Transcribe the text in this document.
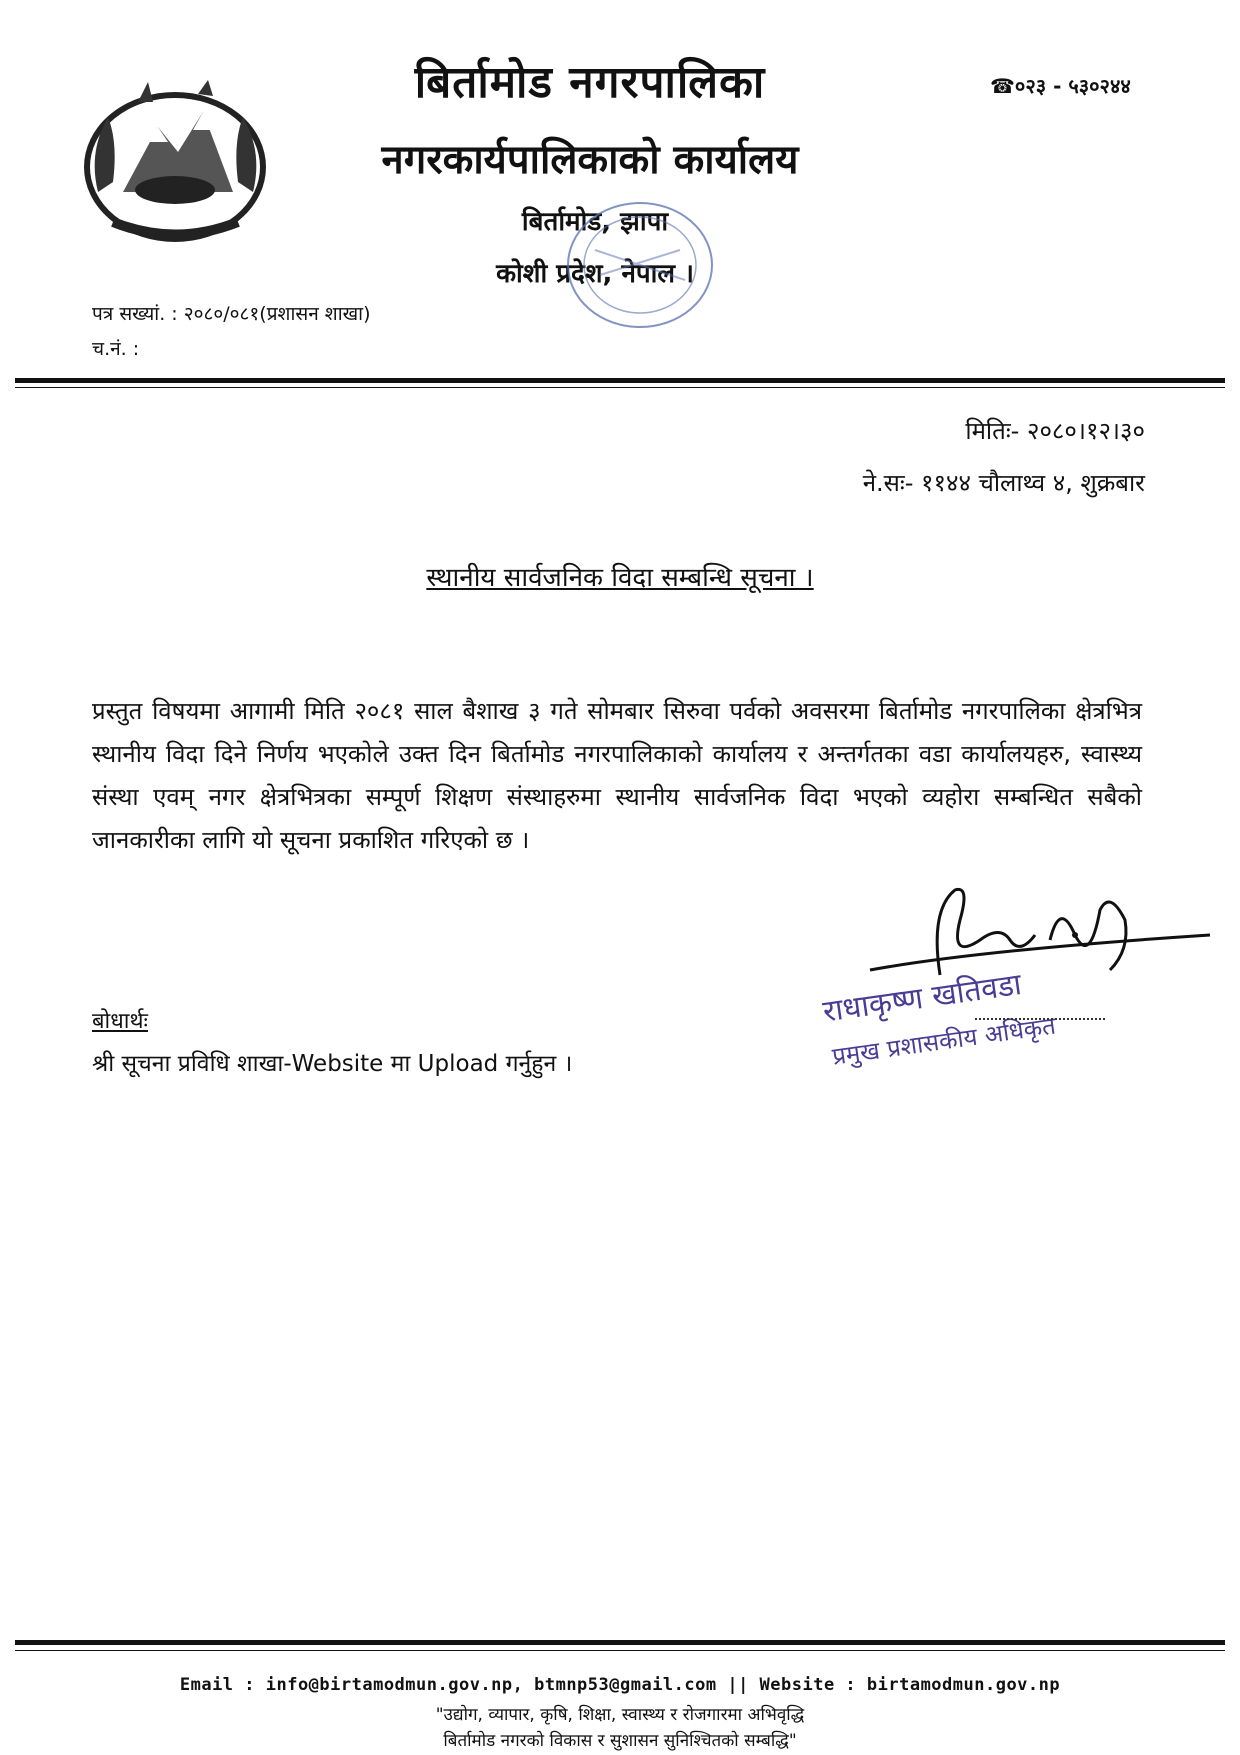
बिर्तामोड नगरपालिका
नगरकार्यपालिकाको कार्यालय
बिर्तामोड, झापा
कोशी प्रदेश, नेपाल ।
☎०२३ - ५३०२४४
पत्र सख्यां. : २०८०/०८१(प्रशासन शाखा)
च.नं. :
मितिः- २०८०।१२।३०
ने.सः- ११४४ चौलाथ्व ४, शुक्रबार
स्थानीय सार्वजनिक विदा सम्बन्धि सूचना ।
प्रस्तुत विषयमा आगामी मिति २०८१ साल बैशाख ३ गते सोमबार सिरुवा पर्वको अवसरमा बिर्तामोड नगरपालिका क्षेत्रभित्र स्थानीय विदा दिने निर्णय भएकोले उक्त दिन बिर्तामोड नगरपालिकाको कार्यालय र अन्तर्गतका वडा कार्यालयहरु, स्वास्थ्य संस्था एवम् नगर क्षेत्रभित्रका सम्पूर्ण शिक्षण संस्थाहरुमा स्थानीय सार्वजनिक विदा भएको व्यहोरा सम्बन्धित सबैको जानकारीका लागि यो सूचना प्रकाशित गरिएको छ ।
राधाकृष्ण खतिवडा
प्रमुख प्रशासकीय अधिकृत
बोधार्थः
श्री सूचना प्रविधि शाखा-Website मा Upload गर्नुहुन ।
Email : info@birtamodmun.gov.np, btmnp53@gmail.com || Website : birtamodmun.gov.np
"उद्योग, व्यापार, कृषि, शिक्षा, स्वास्थ्य र रोजगारमा अभिवृद्धि
बिर्तामोड नगरको विकास र सुशासन सुनिश्चितको सम्बद्धि"
